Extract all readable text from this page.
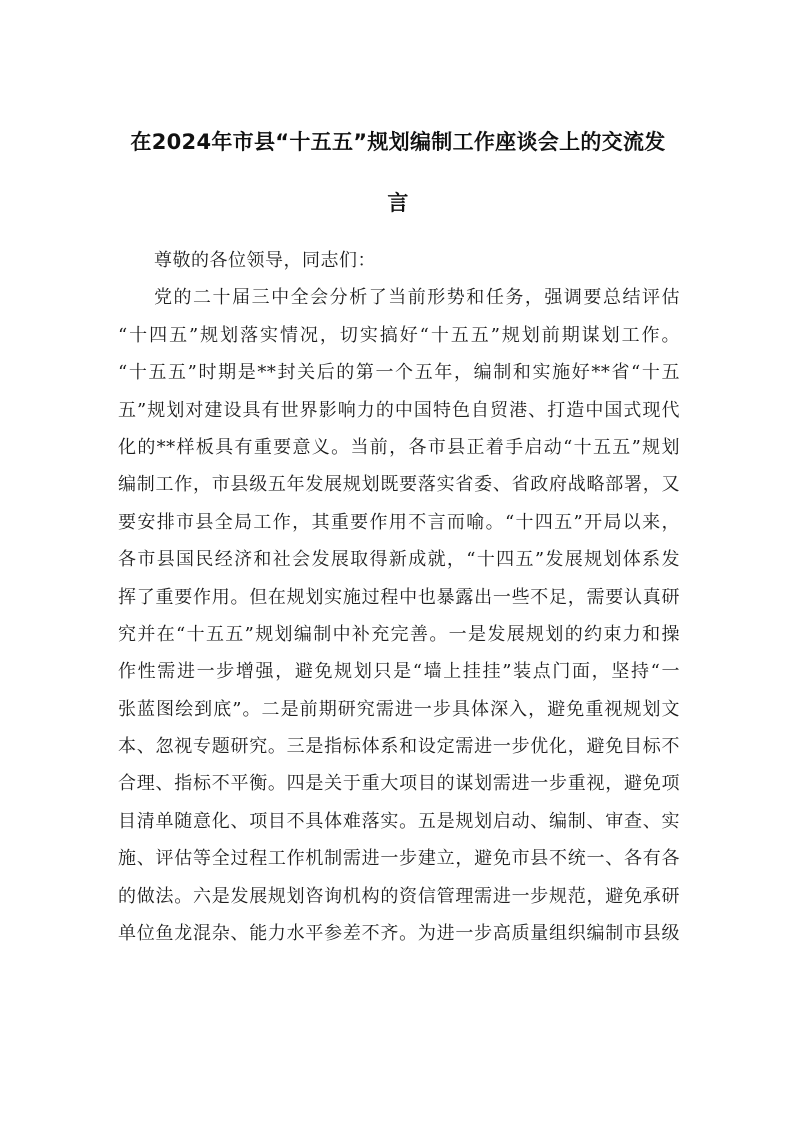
在2024年市县“十五五”规划编制工作座谈会上的交流发
言
尊敬的各位领导，同志们：
党的二十届三中全会分析了当前形势和任务，强调要总结评估
“十四五”规划落实情况，切实搞好“十五五”规划前期谋划工作。
“十五五”时期是**封关后的第一个五年，编制和实施好**省“十五
五”规划对建设具有世界影响力的中国特色自贸港、打造中国式现代
化的**样板具有重要意义。当前，各市县正着手启动“十五五”规划
编制工作，市县级五年发展规划既要落实省委、省政府战略部署，又
要安排市县全局工作，其重要作用不言而喻。“十四五”开局以来，
各市县国民经济和社会发展取得新成就，“十四五”发展规划体系发
挥了重要作用。但在规划实施过程中也暴露出一些不足，需要认真研
究并在“十五五”规划编制中补充完善。一是发展规划的约束力和操
作性需进一步增强，避免规划只是“墙上挂挂”装点门面，坚持“一
张蓝图绘到底”。二是前期研究需进一步具体深入，避免重视规划文
本、忽视专题研究。三是指标体系和设定需进一步优化，避免目标不
合理、指标不平衡。四是关于重大项目的谋划需进一步重视，避免项
目清单随意化、项目不具体难落实。五是规划启动、编制、审查、实
施、评估等全过程工作机制需进一步建立，避免市县不统一、各有各
的做法。六是发展规划咨询机构的资信管理需进一步规范，避免承研
单位鱼龙混杂、能力水平参差不齐。为进一步高质量组织编制市县级
